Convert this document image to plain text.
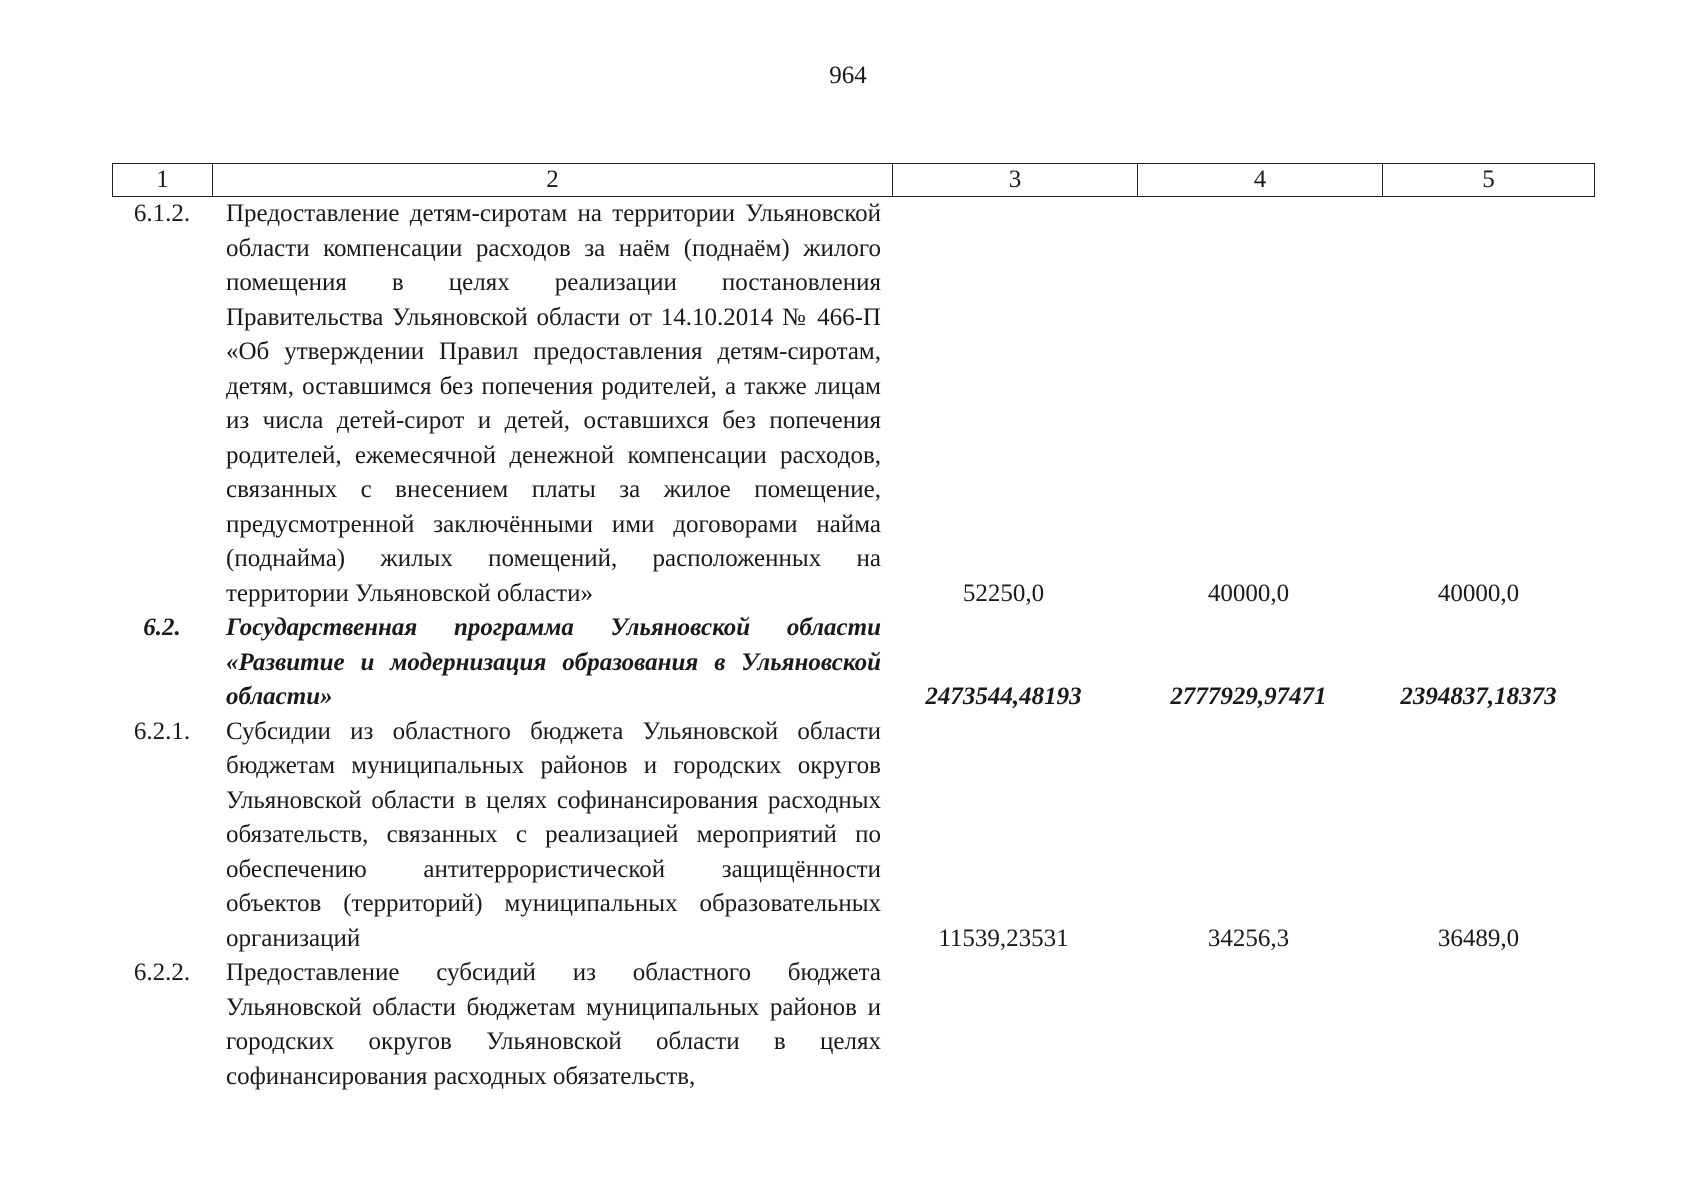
964
1	2	3	4	5
6.1.2.	Предоставление детям-сиротам на территории Ульяновской области компенсации расходов за наём (поднаём) жилого помещения в целях реализации постановления Правительства Ульяновской области от 14.10.2014 № 466-П «Об утверждении Правил предоставления детям-сиротам, детям, оставшимся без попечения родителей, а также лицам из числа детей-сирот и детей, оставшихся без попечения родителей, ежемесячной денежной компенсации расходов, связанных с внесением платы за жилое помещение, предусмотренной заключёнными ими договорами найма (поднайма) жилых помещений, расположенных на территории Ульяновской области»	52250,0	40000,0	40000,0
6.2.	Государственная программа Ульяновской области «Развитие и модернизация образования в Ульяновской области»	2473544,48193	2777929,97471	2394837,18373
6.2.1.	Субсидии из областного бюджета Ульяновской области бюджетам муниципальных районов и городских округов Ульяновской области в целях софинансирования расходных обязательств, связанных с реализацией мероприятий по обеспечению антитеррористической защищённости объектов (территорий) муниципальных образовательных организаций	11539,23531	34256,3	36489,0
6.2.2.	Предоставление субсидий из областного бюджета Ульяновской области бюджетам муниципальных районов и городских округов Ульяновской области в целях софинансирования расходных обязательств,
